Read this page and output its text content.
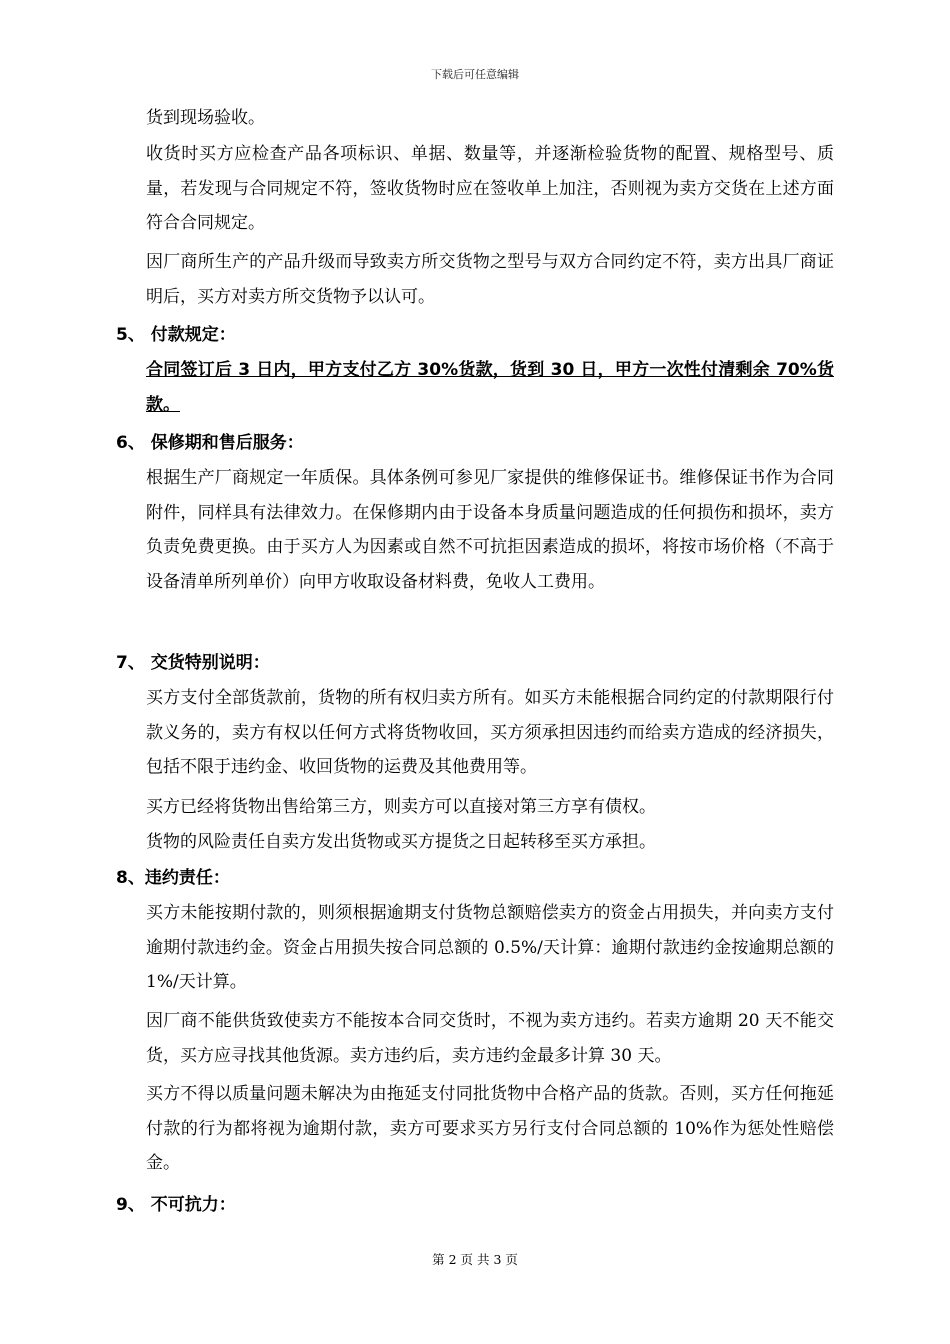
下载后可任意编辑
货到现场验收。
收货时买方应检查产品各项标识、单据、数量等，并逐渐检验货物的配置、规格型号、质量，若发现与合同规定不符，签收货物时应在签收单上加注，否则视为卖方交货在上述方面符合合同规定。
因厂商所生产的产品升级而导致卖方所交货物之型号与双方合同约定不符，卖方出具厂商证明后，买方对卖方所交货物予以认可。
5、 付款规定：
合同签订后 3 日内，甲方支付乙方 30%货款，货到 30 日，甲方一次性付清剩余 70%货款。
6、 保修期和售后服务：
根据生产厂商规定一年质保。具体条例可参见厂家提供的维修保证书。维修保证书作为合同附件，同样具有法律效力。在保修期内由于设备本身质量问题造成的任何损伤和损坏，卖方负责免费更换。由于买方人为因素或自然不可抗拒因素造成的损坏，将按市场价格（不高于设备清单所列单价）向甲方收取设备材料费，免收人工费用。
7、 交货特别说明：
买方支付全部货款前，货物的所有权归卖方所有。如买方未能根据合同约定的付款期限行付款义务的，卖方有权以任何方式将货物收回，买方须承担因违约而给卖方造成的经济损失，包括不限于违约金、收回货物的运费及其他费用等。
买方已经将货物出售给第三方，则卖方可以直接对第三方享有债权。
货物的风险责任自卖方发出货物或买方提货之日起转移至买方承担。
8、违约责任：
买方未能按期付款的，则须根据逾期支付货物总额赔偿卖方的资金占用损失，并向卖方支付逾期付款违约金。资金占用损失按合同总额的 0.5%/天计算：逾期付款违约金按逾期总额的 1%/天计算。
因厂商不能供货致使卖方不能按本合同交货时，不视为卖方违约。若卖方逾期 20 天不能交货，买方应寻找其他货源。卖方违约后，卖方违约金最多计算 30 天。
买方不得以质量问题未解决为由拖延支付同批货物中合格产品的货款。否则，买方任何拖延付款的行为都将视为逾期付款，卖方可要求买方另行支付合同总额的 10%作为惩处性赔偿金。
9、 不可抗力：
第 2 页 共 3 页
